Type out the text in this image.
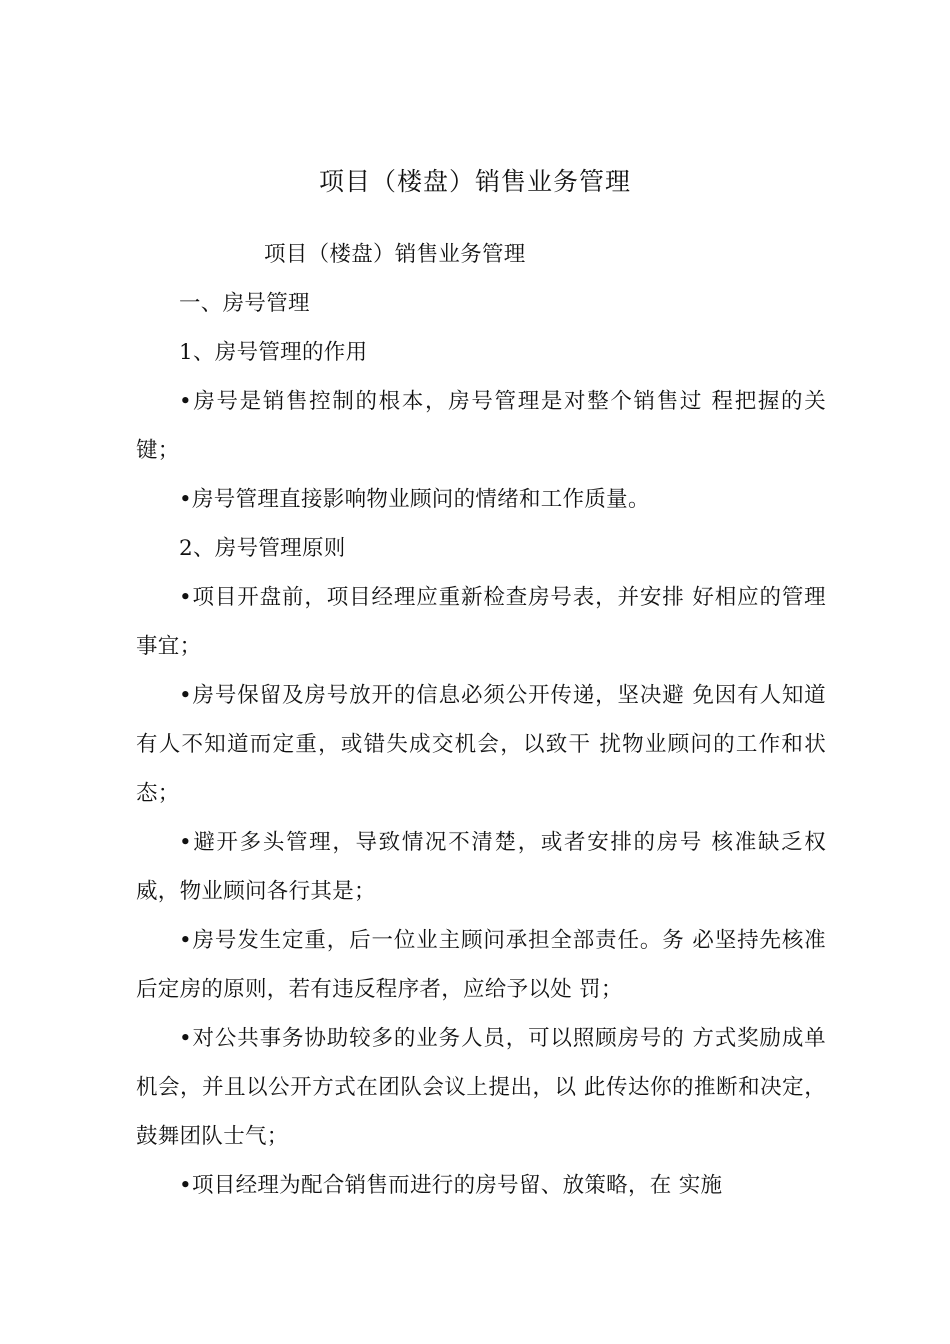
项目（楼盘）销售业务管理

项目（楼盘）销售业务管理

一、房号管理

1、房号管理的作用

•房号是销售控制的根本，房号管理是对整个销售过 程把握的关键；

•房号管理直接影响物业顾问的情绪和工作质量。

2、房号管理原则

•项目开盘前，项目经理应重新检查房号表，并安排 好相应的管理事宜；

•房号保留及房号放开的信息必须公开传递，坚决避 免因有人知道有人不知道而定重，或错失成交机会，以致干 扰物业顾问的工作和状态；

•避开多头管理，导致情况不清楚，或者安排的房号 核准缺乏权威，物业顾问各行其是；

•房号发生定重，后一位业主顾问承担全部责任。务 必坚持先核准后定房的原则，若有违反程序者，应给予以处 罚；

•对公共事务协助较多的业务人员，可以照顾房号的 方式奖励成单机会，并且以公开方式在团队会议上提出，以 此传达你的推断和决定，鼓舞团队士气；

•项目经理为配合销售而进行的房号留、放策略，在 实施
